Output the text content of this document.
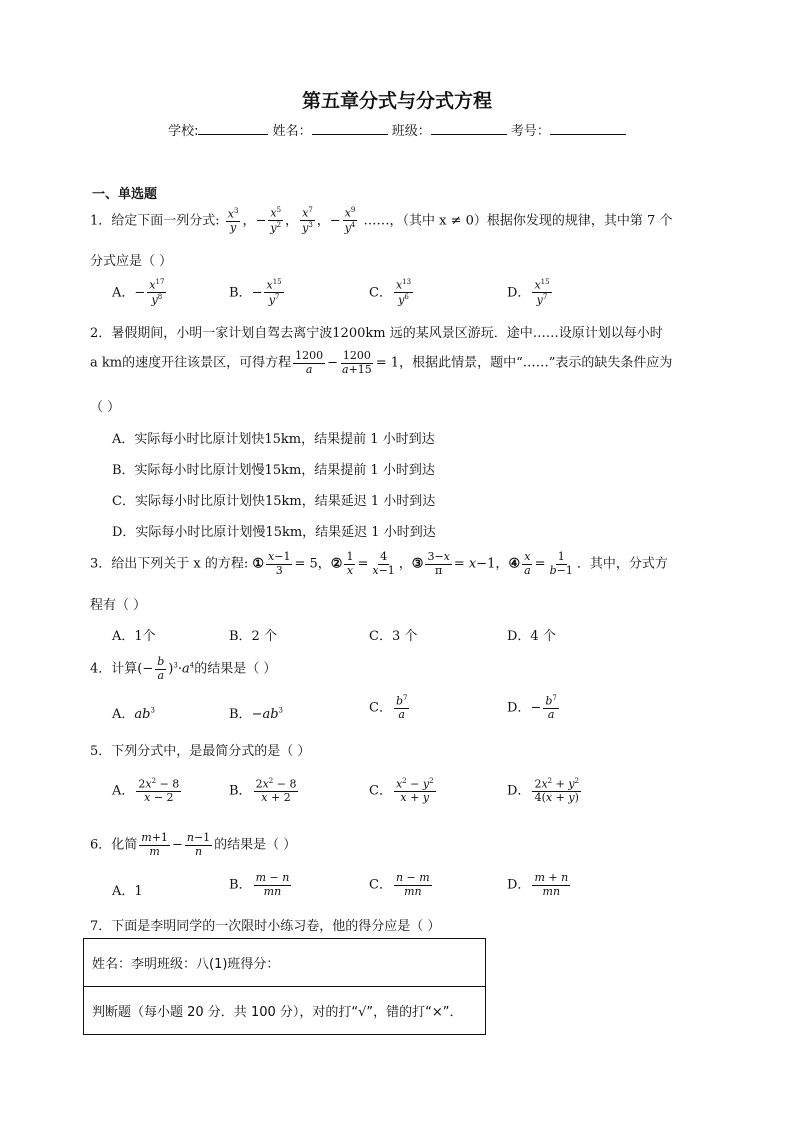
第五章分式与分式方程
学校:	姓名：	班级：	考号：
一、单选题
1．给定下面一列分式: $\frac{x^3}{y}$ ，− $\frac{x^5}{y^2}$ ， $\frac{x^7}{y^3}$ ，− $\frac{x^9}{y^4}$ ……，（其中 x ≠ 0）根据你发现的规律，其中第 7 个
分式应是（ ）
A．− $\frac{x^{17}}{y^8}$	B．− $\frac{x^{15}}{y^7}$	C． $\frac{x^{13}}{y^6}$	D． $\frac{x^{15}}{y^7}$
2．暑假期间，小明一家计划自驾去离宁波1200km 远的某风景区游玩．途中……设原计划以每小时
a km的速度开往该景区，可得方程 $\frac{1200}{a} - \frac{1200}{a+15} = 1$，根据此情景，题中“……”表示的缺失条件应为
（ ）
A．实际每小时比原计划快15km，结果提前 1 小时到达
B．实际每小时比原计划慢15km，结果提前 1 小时到达
C．实际每小时比原计划快15km，结果延迟 1 小时到达
D．实际每小时比原计划慢15km，结果延迟 1 小时到达
3．给出下列关于 x 的方程: ① $\frac{x-1}{3} = 5$，② $\frac{1}{x} = \frac{4}{x-1}$ ，③ $\frac{3-x}{\pi} = x-1$，④ $\frac{x}{a} = \frac{1}{b-1}$ ．其中，分式方
程有（ ）
A．1个	B．2 个	C．3 个	D．4 个
4．计算(− $\frac{b}{a} )^3\cdot a^4$的结果是（ ）
A．$ab^3$	B．$-ab^3$	C． $\frac{b^7}{a}$	D．− $\frac{b^7}{a}$
5．下列分式中，是最简分式的是（ ）
A． $\frac{2x^2 - 8}{x - 2}$	B． $\frac{2x^2 - 8}{x + 2}$	C． $\frac{x^2 - y^2}{x + y}$	D． $\frac{2x^2 + y^2}{4(x + y)}$
6．化简 $\frac{m+1}{m} - \frac{n-1}{n}$ 的结果是（ ）
A．1	B． $\frac{m - n}{mn}$	C． $\frac{n - m}{mn}$	D． $\frac{m + n}{mn}$
7．下面是李明同学的一次限时小练习卷，他的得分应是（ ）
姓名：李明班级：八(1)班得分：
判断题（每小题 20 分．共 100 分），对的打“√”，错的打“×”．
